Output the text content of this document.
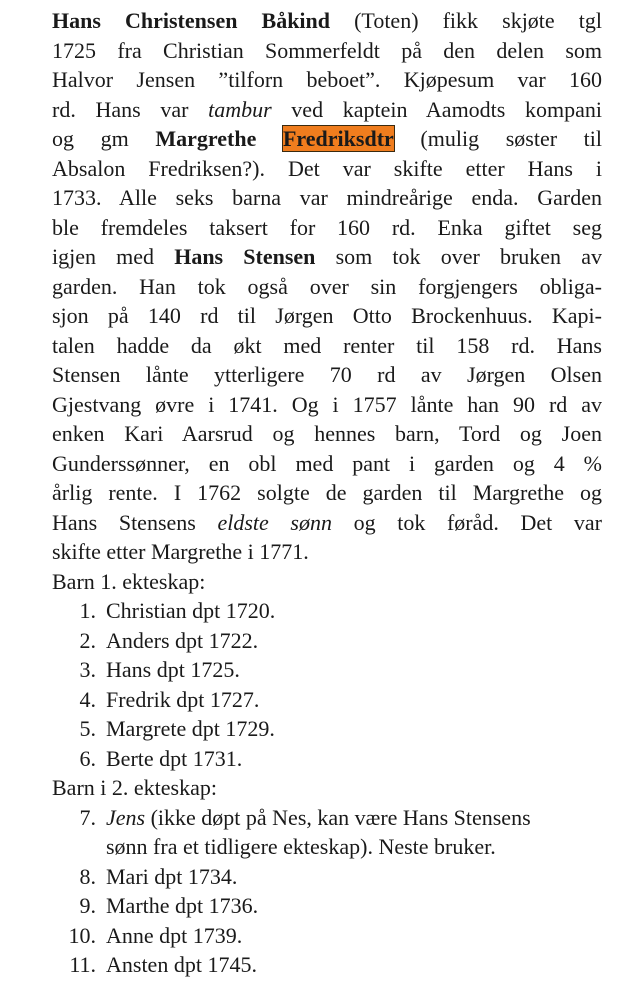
Hans Christensen Båkind (Toten) fikk skjøte tgl
1725 fra Christian Sommerfeldt på den delen som
Halvor Jensen ”tilforn beboet”. Kjøpesum var 160
rd. Hans var tambur ved kaptein Aamodts kompani
og gm Margrethe Fredriksdtr (mulig søster til
Absalon Fredriksen?). Det var skifte etter Hans i
1733. Alle seks barna var mindreårige enda. Garden
ble fremdeles taksert for 160 rd. Enka giftet seg
igjen med Hans Stensen som tok over bruken av
garden. Han tok også over sin forgjengers obliga-
sjon på 140 rd til Jørgen Otto Brockenhuus. Kapi-
talen hadde da økt med renter til 158 rd. Hans
Stensen lånte ytterligere 70 rd av Jørgen Olsen
Gjestvang øvre i 1741. Og i 1757 lånte han 90 rd av
enken Kari Aarsrud og hennes barn, Tord og Joen
Gunderssønner, en obl med pant i garden og 4 %
årlig rente. I 1762 solgte de garden til Margrethe og
Hans Stensens eldste sønn og tok føråd. Det var
skifte etter Margrethe i 1771.

Barn 1. ekteskap:

1. Christian dpt 1720.
2. Anders dpt 1722.
3. Hans dpt 1725.
4. Fredrik dpt 1727.
5. Margrete dpt 1729.
6. Berte dpt 1731.

Barn i 2. ekteskap:

7. Jens (ikke døpt på Nes, kan være Hans Stensens
sønn fra et tidligere ekteskap). Neste bruker.
8. Mari dpt 1734.
9. Marthe dpt 1736.
10. Anne dpt 1739.
11. Ansten dpt 1745.
